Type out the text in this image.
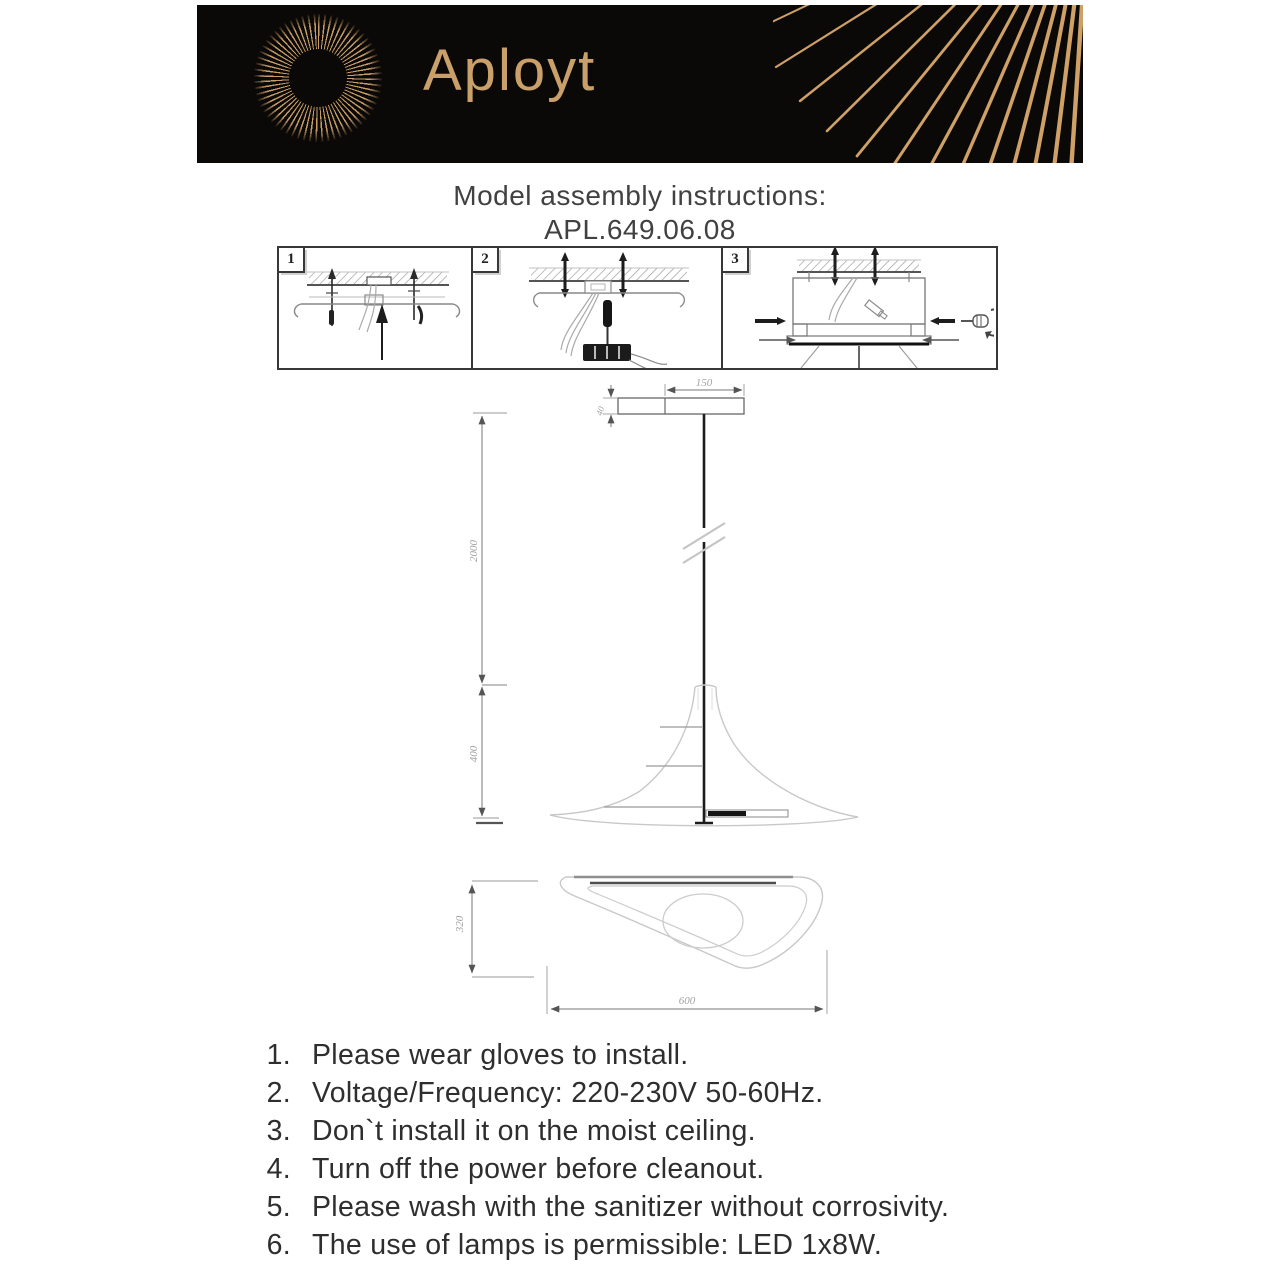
Aployt
Model assembly instructions:
APL.649.06.08
1	2	3
150
40
2000
400
320
600
1. Please wear gloves to install.
2. Voltage/Frequency: 220-230V 50-60Hz.
3. Don`t install it on the moist ceiling.
4. Turn off the power before cleanout.
5. Please wash with the sanitizer without corrosivity.
6. The use of lamps is permissible: LED 1x8W.
